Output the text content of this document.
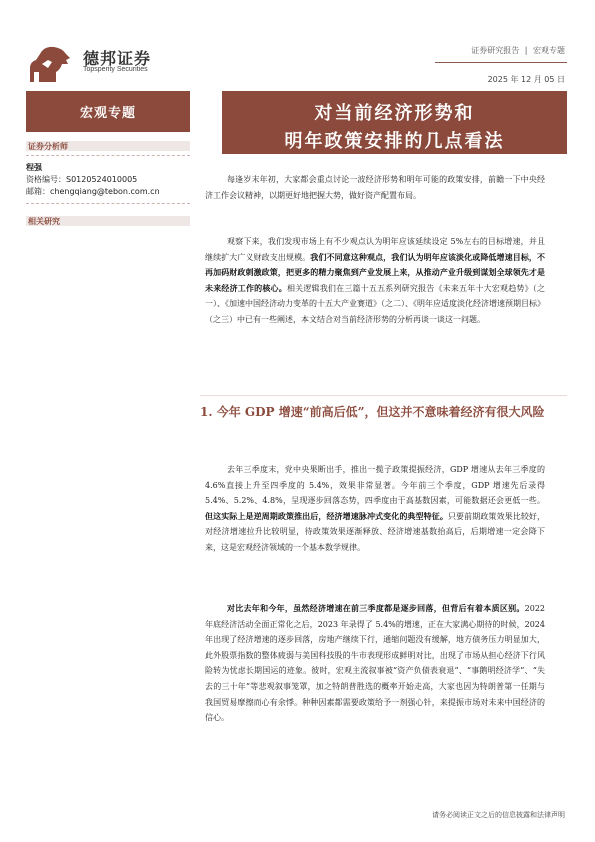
德邦证券
Topsperity Securities
证券研究报告 | 宏观专题
2025 年 12 月 05 日
宏观专题	对当前经济形势和
明年政策安排的几点看法
证券分析师
程强
资格编号：S0120524010005
邮箱：chengqiang@tebon.com.cn
相关研究
每逢岁末年初，大家都会重点讨论一波经济形势和明年可能的政策安排，前瞻一下中央经济工作会议精神，以期更好地把握大势，做好资产配置布局。
观察下来，我们发现市场上有不少观点认为明年应该延续设定 5%左右的目标增速，并且继续扩大广义财政支出规模。我们不同意这种观点，我们认为明年应该淡化或降低增速目标，不再加码财政刺激政策，把更多的精力聚焦到产业发展上来，从推动产业升级到谋划全球领先才是未来经济工作的核心。相关逻辑我们在三篇十五五系列研究报告《未来五年十大宏观趋势》（之一）、《加速中国经济动力变革的十五大产业赛道》（之二）、《明年应适度淡化经济增速预期目标》（之三）中已有一些阐述，本文结合对当前经济形势的分析再谈一谈这一问题。
1. 今年 GDP 增速“前高后低”，但这并不意味着经济有很大风险
去年三季度末，党中央果断出手，推出一揽子政策提振经济，GDP 增速从去年三季度的 4.6%直接上升至四季度的 5.4%，效果非常显著。今年前三个季度，GDP 增速先后录得 5.4%、5.2%、4.8%，呈现逐步回落态势，四季度由于高基数因素，可能数据还会更低一些。但这实际上是逆周期政策推出后，经济增速脉冲式变化的典型特征。只要前期政策效果比较好，对经济增速拉升比较明显，待政策效果逐渐释放、经济增速基数抬高后，后期增速一定会降下来，这是宏观经济领域的一个基本数学规律。
对比去年和今年，虽然经济增速在前三季度都是逐步回落，但背后有着本质区别。2022 年底经济活动全面正常化之后，2023 年录得了 5.4%的增速，正在大家满心期待的时候，2024 年出现了经济增速的逐步回落，房地产继续下行，通缩问题没有缓解，地方债务压力明显加大，此外股票指数的整体疲弱与美国科技股的牛市表现形成鲜明对比，出现了市场从担心经济下行风险转为忧虑长期国运的迹象。彼时，宏观主流叙事被“资产负债表衰退”、“事鹅明经济学”、“失去的三十年”等悲观叙事笼罩，加之特朗普胜选的概率开始走高，大家也因为特朗普第一任期与我国贸易摩擦而心有余悸。种种因素都需要政策给予一剂强心针，来提振市场对未来中国经济的信心。
请务必阅读正文之后的信息披露和法律声明
